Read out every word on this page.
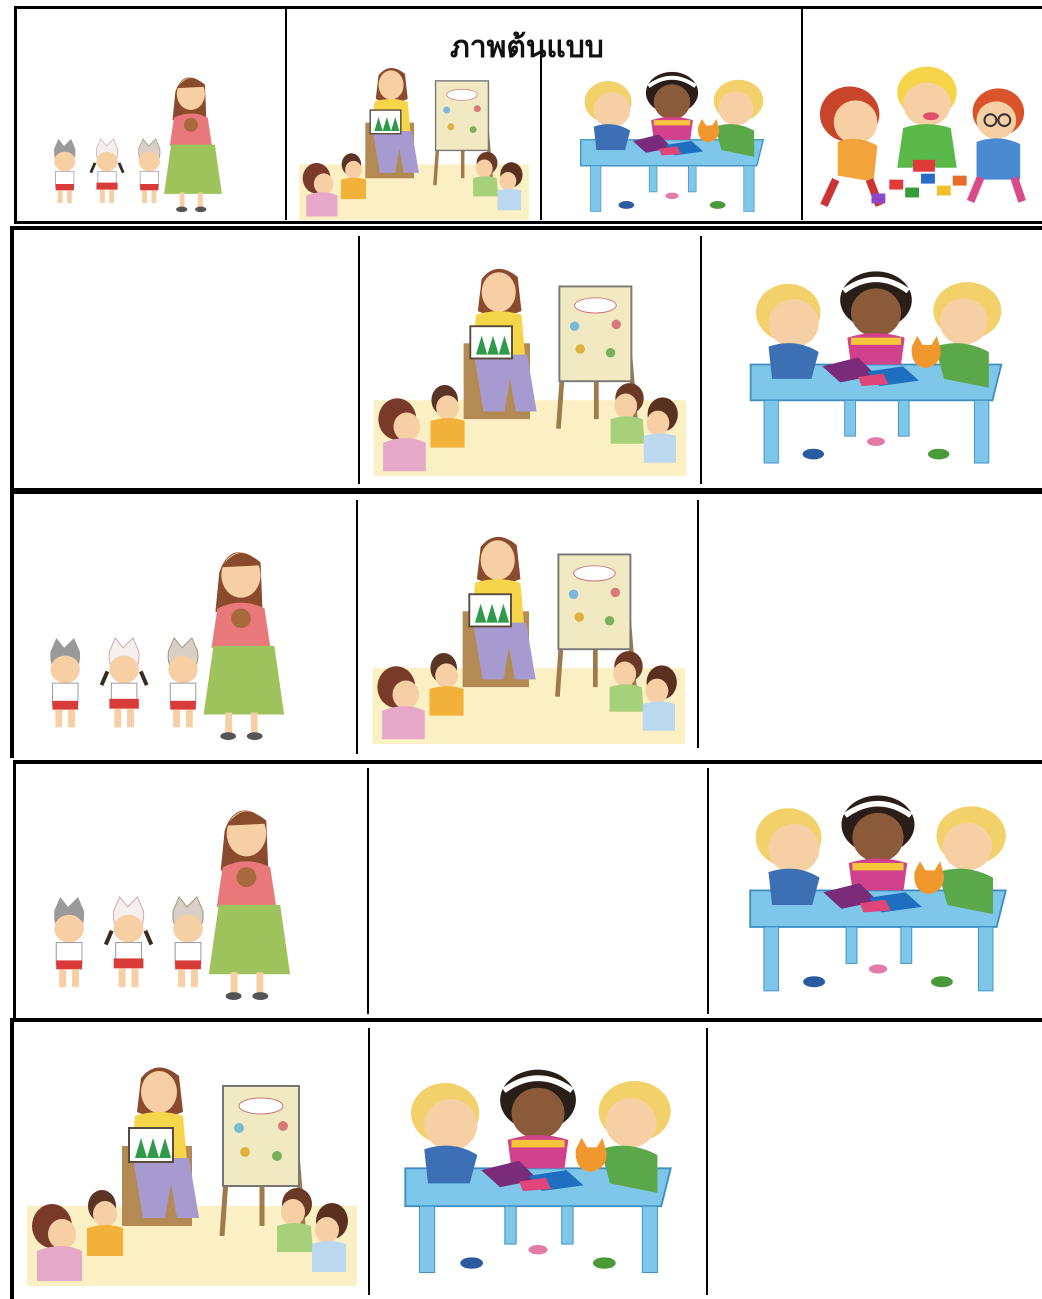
ภาพต้นแบบ
